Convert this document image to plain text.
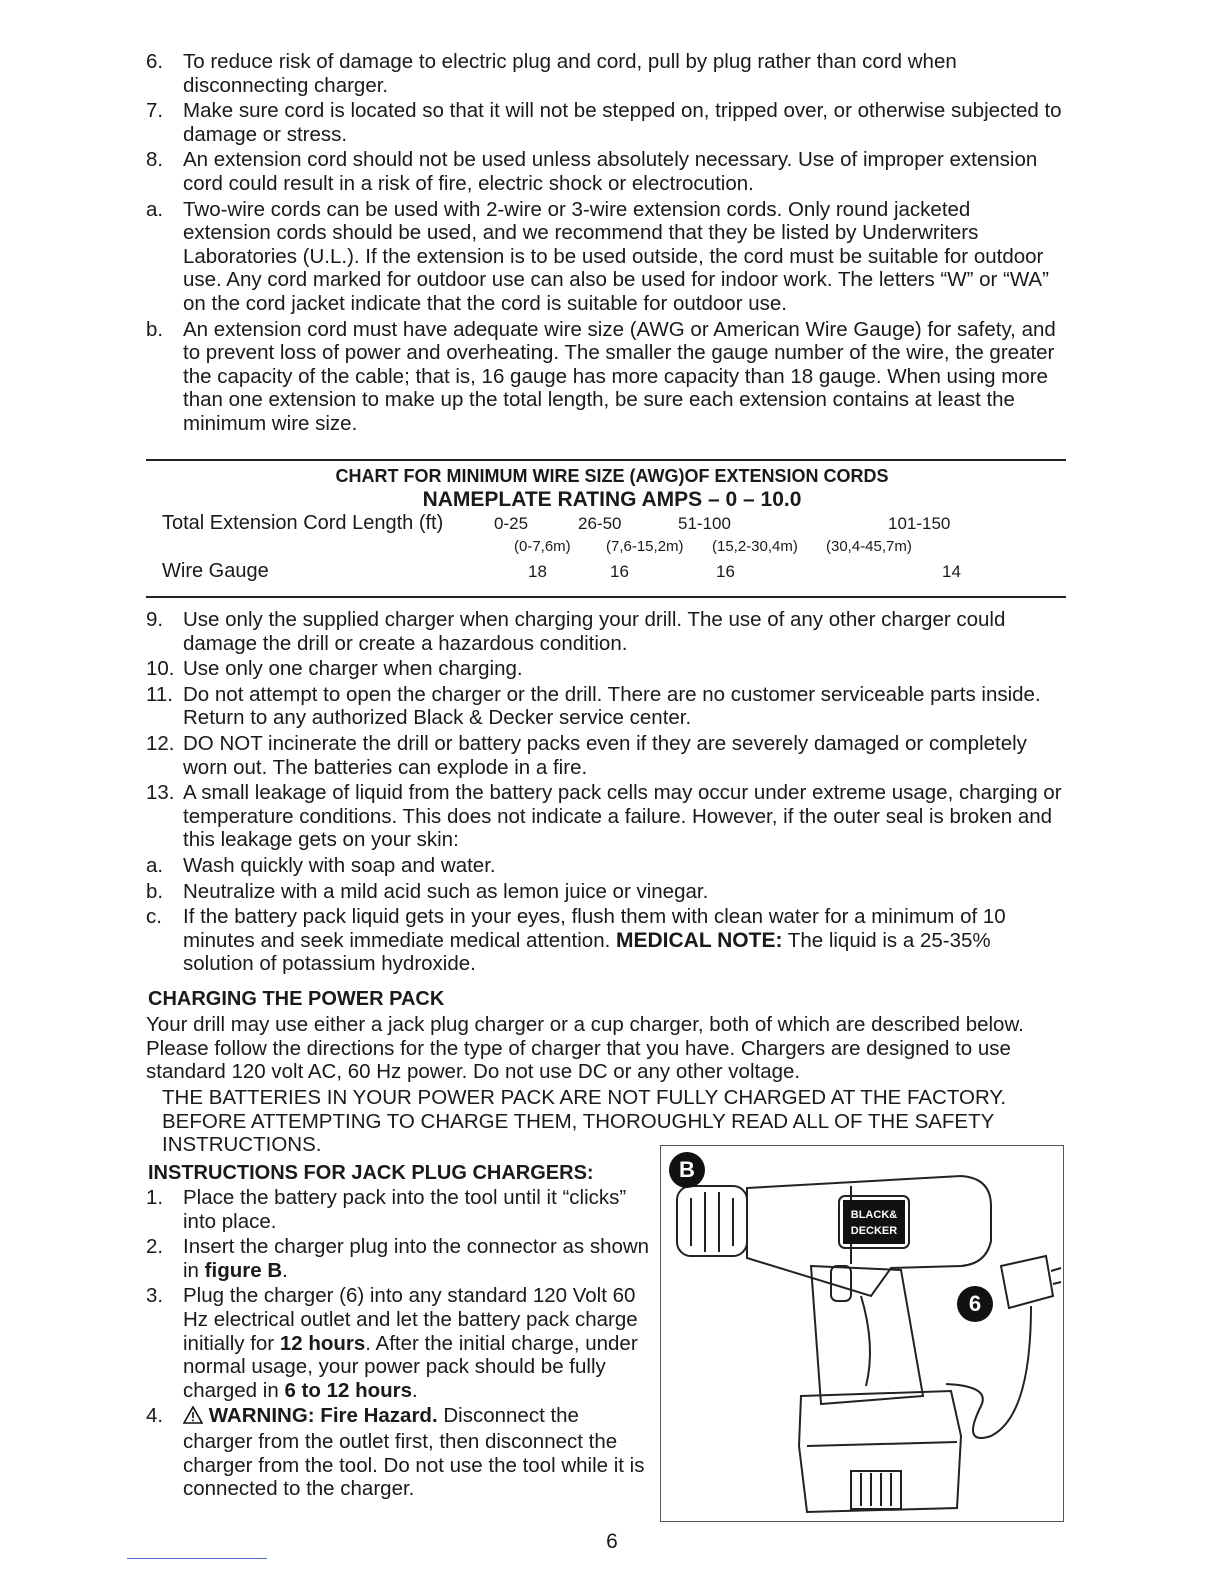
6. To reduce risk of damage to electric plug and cord, pull by plug rather than cord when disconnecting charger.
7. Make sure cord is located so that it will not be stepped on, tripped over, or otherwise subjected to damage or stress.
8. An extension cord should not be used unless absolutely necessary. Use of improper extension cord could result in a risk of fire, electric shock or electrocution.
a. Two-wire cords can be used with 2-wire or 3-wire extension cords. Only round jacketed extension cords should be used, and we recommend that they be listed by Underwriters Laboratories (U.L.). If the extension is to be used outside, the cord must be suitable for outdoor use. Any cord marked for outdoor use can also be used for indoor work. The letters “W” or “WA” on the cord jacket indicate that the cord is suitable for outdoor use.
b. An extension cord must have adequate wire size (AWG or American Wire Gauge) for safety, and to prevent loss of power and overheating. The smaller the gauge number of the wire, the greater the capacity of the cable; that is, 16 gauge has more capacity than 18 gauge. When using more than one extension to make up the total length, be sure each extension contains at least the minimum wire size.
CHART FOR MINIMUM WIRE SIZE (AWG)OF EXTENSION CORDS
NAMEPLATE RATING AMPS – 0 – 10.0
Total Extension Cord Length (ft)	0-25	26-50	51-100	101-150
(0-7,6m) (7,6-15,2m) (15,2-30,4m) (30,4-45,7m)
Wire Gauge	18	16	16	14
9. Use only the supplied charger when charging your drill. The use of any other charger could damage the drill or create a hazardous condition.
10. Use only one charger when charging.
11. Do not attempt to open the charger or the drill. There are no customer serviceable parts inside. Return to any authorized Black & Decker service center.
12. DO NOT incinerate the drill or battery packs even if they are severely damaged or completely worn out. The batteries can explode in a fire.
13. A small leakage of liquid from the battery pack cells may occur under extreme usage, charging or temperature conditions. This does not indicate a failure. However, if the outer seal is broken and this leakage gets on your skin:
a. Wash quickly with soap and water.
b. Neutralize with a mild acid such as lemon juice or vinegar.
c. If the battery pack liquid gets in your eyes, flush them with clean water for a minimum of 10 minutes and seek immediate medical attention. MEDICAL NOTE: The liquid is a 25-35% solution of potassium hydroxide.
CHARGING THE POWER PACK
Your drill may use either a jack plug charger or a cup charger, both of which are described below. Please follow the directions for the type of charger that you have. Chargers are designed to use standard 120 volt AC, 60 Hz power. Do not use DC or any other voltage.
THE BATTERIES IN YOUR POWER PACK ARE NOT FULLY CHARGED AT THE FACTORY. BEFORE ATTEMPTING TO CHARGE THEM, THOROUGHLY READ ALL OF THE SAFETY INSTRUCTIONS.
INSTRUCTIONS FOR JACK PLUG CHARGERS:
1. Place the battery pack into the tool until it “clicks” into place.
2. Insert the charger plug into the connector as shown in figure B.
3. Plug the charger (6) into any standard 120 Volt 60 Hz electrical outlet and let the battery pack charge initially for 12 hours. After the initial charge, under normal usage, your power pack should be fully charged in 6 to 12 hours.
4.	WARNING: Fire Hazard. Disconnect the charger from the outlet first, then disconnect the charger from the tool. Do not use the tool while it is connected to the charger.
BLACK&
DECKER
B
6
6
